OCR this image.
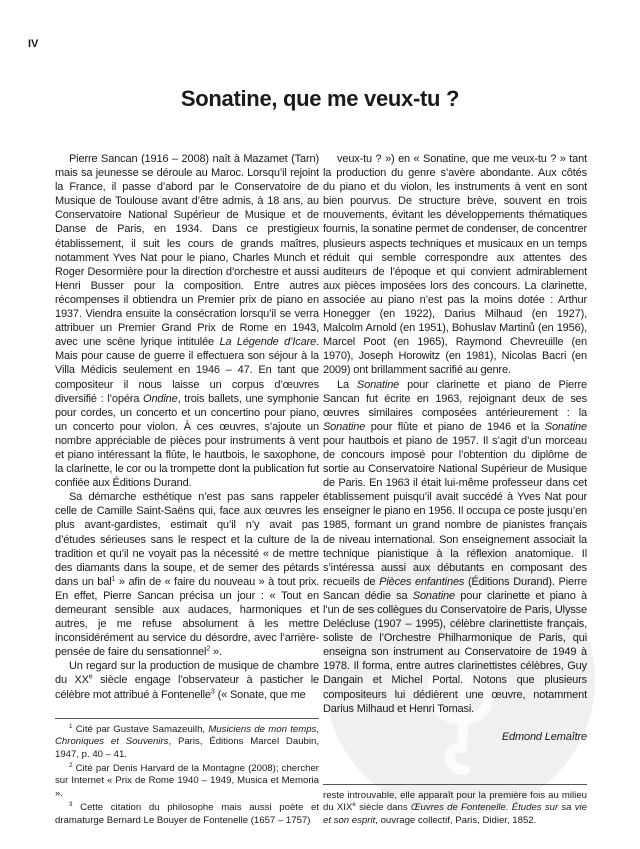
IV
Sonatine, que me veux-tu ?

Pierre Sancan (1916 – 2008) naît à Mazamet (Tarn) mais sa jeunesse se déroule au Maroc. Lorsqu’il rejoint la France, il passe d’abord par le Conservatoire de Musique de Toulouse avant d’être admis, à 18 ans, au Conservatoire National Supérieur de Musique et de Danse de Paris, en 1934. Dans ce prestigieux établissement, il suit les cours de grands maîtres, notamment Yves Nat pour le piano, Charles Munch et Roger Desormière pour la direction d’orchestre et aussi Henri Busser pour la composition. Entre autres récompenses il obtiendra un Premier prix de piano en 1937. Viendra ensuite la consécration lorsqu’il se verra attribuer un Premier Grand Prix de Rome en 1943, avec une scène lyrique intitulée La Légende d’Icare. Mais pour cause de guerre il effectuera son séjour à la Villa Médicis seulement en 1946 – 47. En tant que compositeur il nous laisse un corpus d’œuvres diversifié : l’opéra Ondine, trois ballets, une symphonie pour cordes, un concerto et un concertino pour piano, un concerto pour violon. À ces œuvres, s’ajoute un nombre appréciable de pièces pour instruments à vent et piano intéressant la flûte, le hautbois, le saxophone, la clarinette, le cor ou la trompette dont la publication fut confiée aux Éditions Durand.

Sa démarche esthétique n’est pas sans rappeler celle de Camille Saint-Saëns qui, face aux œuvres les plus avant-gardistes, estimait qu’il n’y avait pas d’études sérieuses sans le respect et la culture de la tradition et qu’il ne voyait pas la nécessité « de mettre des diamants dans la soupe, et de semer des pétards dans un bal$^1$ » afin de « faire du nouveau » à tout prix. En effet, Pierre Sancan précisa un jour : « Tout en demeurant sensible aux audaces, harmoniques et autres, je me refuse absolument à les mettre inconsidérément au service du désordre, avec l’arrière-pensée de faire du sensationnel$^2$ ».

Un regard sur la production de musique de chambre du XXe siècle engage l’observateur à pasticher le célèbre mot attribué à Fontenelle$^3$ (« Sonate, que me

$^1$ Cité par Gustave Samazeuilh, Musiciens de mon temps, Chroniques et Souvenirs, Paris, Éditions Marcel Daubin, 1947, p. 40 – 41.

$^2$ Cité par Denis Harvard de la Montagne (2008); chercher sur Internet « Prix de Rome 1940 – 1949, Musica et Memoria ».

$^3$ Cette citation du philosophe mais aussi poète et dramaturge Bernard Le Bouyer de Fontenelle (1657 – 1757)

veux-tu ? ») en « Sonatine, que me veux-tu ? » tant la production du genre s’avère abondante. Aux côtés du piano et du violon, les instruments à vent en sont bien pourvus. De structure brève, souvent en trois mouvements, évitant les développements thématiques fournis, la sonatine permet de condenser, de concentrer plusieurs aspects techniques et musicaux en un temps réduit qui semble correspondre aux attentes des auditeurs de l’époque et qui convient admirablement aux pièces imposées lors des concours. La clarinette, associée au piano n’est pas la moins dotée : Arthur Honegger (en 1922), Darius Milhaud (en 1927), Malcolm Arnold (en 1951), Bohuslav Martinů (en 1956), Marcel Poot (en 1965), Raymond Chevreuille (en 1970), Joseph Horowitz (en 1981), Nicolas Bacri (en 2009) ont brillamment sacrifié au genre.

La Sonatine pour clarinette et piano de Pierre Sancan fut écrite en 1963, rejoignant deux de ses œuvres similaires composées antérieurement : la Sonatine pour flûte et piano de 1946 et la Sonatine pour hautbois et piano de 1957. Il s’agit d’un morceau de concours imposé pour l’obtention du diplôme de sortie au Conservatoire National Supérieur de Musique de Paris. En 1963 il était lui-même professeur dans cet établissement puisqu’il avait succédé à Yves Nat pour enseigner le piano en 1956. Il occupa ce poste jusqu’en 1985, formant un grand nombre de pianistes français de niveau international. Son enseignement associait la technique pianistique à la réflexion anatomique. Il s’intéressa aussi aux débutants en composant des recueils de Pièces enfantines (Éditions Durand). Pierre Sancan dédie sa Sonatine pour clarinette et piano à l’un de ses collègues du Conservatoire de Paris, Ulysse Delécluse (1907 – 1995), célèbre clarinettiste français, soliste de l’Orchestre Philharmonique de Paris, qui enseigna son instrument au Conservatoire de 1949 à 1978. Il forma, entre autres clarinettistes célèbres, Guy Dangain et Michel Portal. Notons que plusieurs compositeurs lui dédièrent une œuvre, notamment Darius Milhaud et Henri Tomasi.

Edmond Lemaître

reste introuvable, elle apparaît pour la première fois au milieu du XIXe siècle dans Œuvres de Fontenelle. Études sur sa vie et son esprit, ouvrage collectif, Paris, Didier, 1852.
